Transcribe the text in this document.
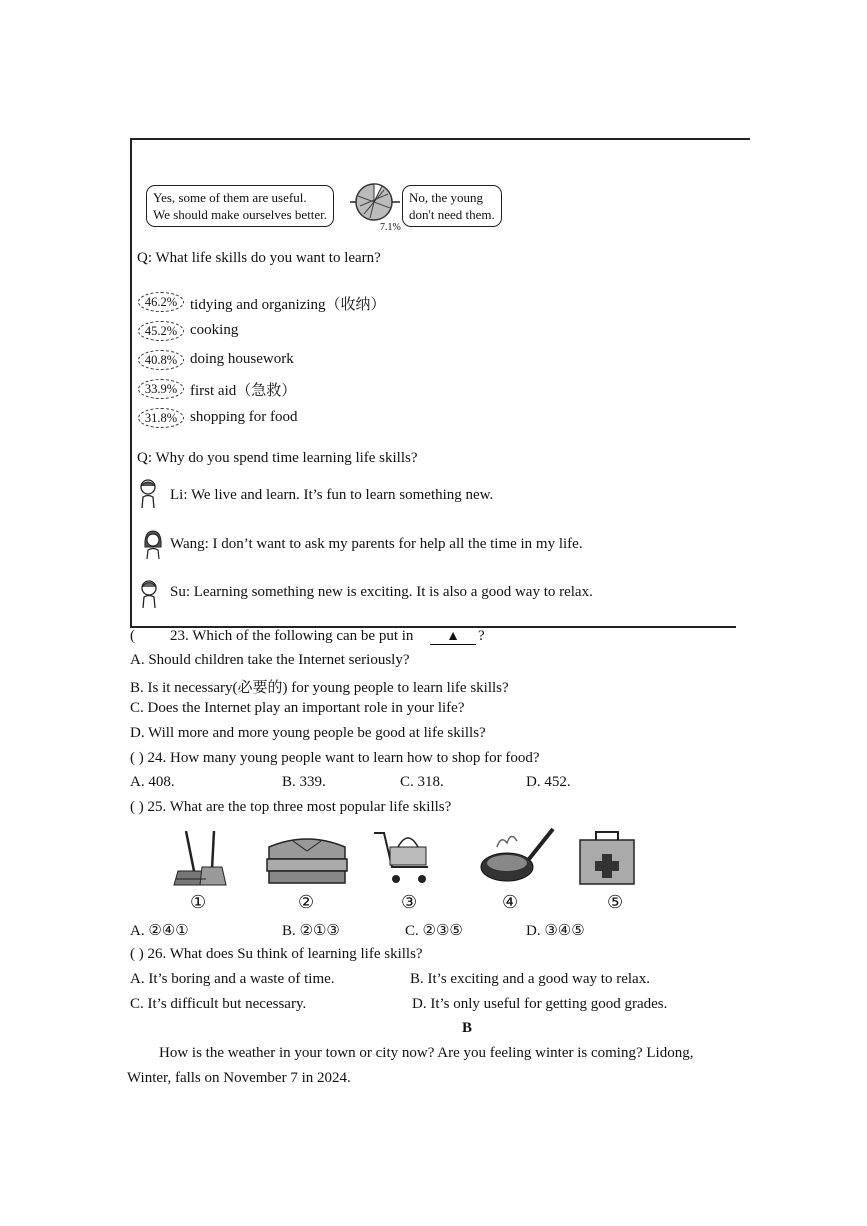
Yes, some of them are useful.
We should make ourselves better.
7.1%
No, the young
don't need them.
Q: What life skills do you want to learn?
46.2% tidying and organizing（收纳）
45.2% cooking
40.8% doing housework
33.9% first aid（急救）
31.8% shopping for food
Q: Why do you spend time learning life skills?
Li: We live and learn. It’s fun to learn something new.
Wang: I don’t want to ask my parents for help all the time in my life.
Su: Learning something new is exciting. It is also a good way to relax.
( 23. Which of the following can be put in	▲	?
A. Should children take the Internet seriously?
B. Is it necessary(必要的) for young people to learn life skills?
C. Does the Internet play an important role in your life?
D. Will more and more young people be good at life skills?
( ) 24. How many young people want to learn how to shop for food?
A. 408.	B. 339.	C. 318.	D. 452.
( ) 25. What are the top three most popular life skills?
①	②	③	④	⑤
A. ②④①	B. ②①③	C. ②③⑤	D. ③④⑤
( ) 26. What does Su think of learning life skills?
A. It’s boring and a waste of time.	B. It’s exciting and a good way to relax.
C. It’s difficult but necessary.	D. It’s only useful for getting good grades.
B
How is the weather in your town or city now? Are you feeling winter is coming? Lidong,
Winter, falls on November 7 in 2024.
